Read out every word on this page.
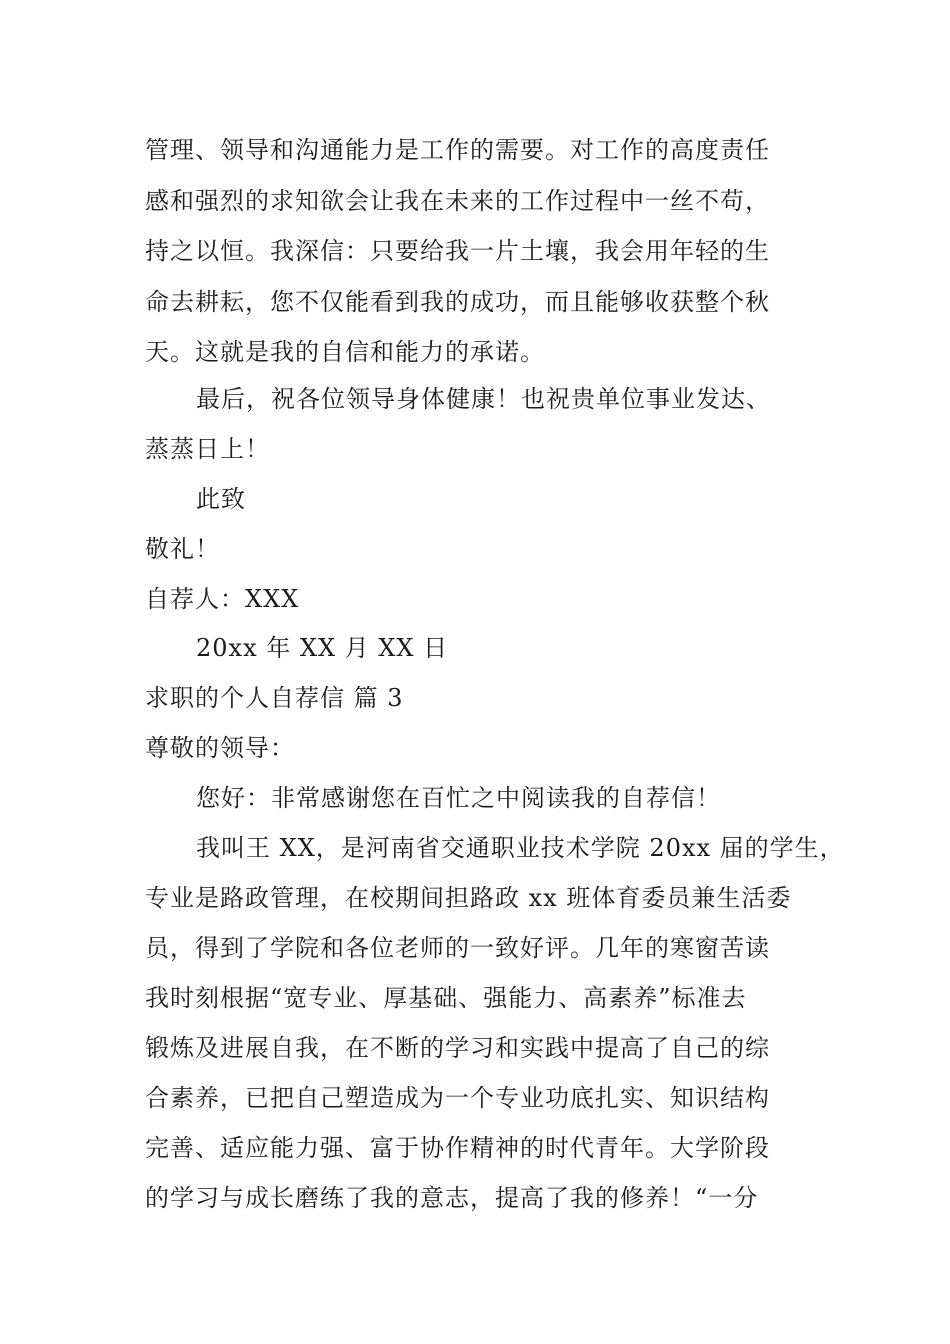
管理、领导和沟通能力是工作的需要。对工作的高度责任
感和强烈的求知欲会让我在未来的工作过程中一丝不苟，
持之以恒。我深信：只要给我一片土壤，我会用年轻的生
命去耕耘，您不仅能看到我的成功，而且能够收获整个秋
天。这就是我的自信和能力的承诺。
最后，祝各位领导身体健康！也祝贵单位事业发达、
蒸蒸日上！
此致
敬礼！
自荐人：XXX
20xx 年 XX 月 XX 日
求职的个人自荐信 篇 3
尊敬的领导：
您好：非常感谢您在百忙之中阅读我的自荐信！
我叫王 XX，是河南省交通职业技术学院 20xx 届的学生，
专业是路政管理，在校期间担路政 xx 班体育委员兼生活委
员，得到了学院和各位老师的一致好评。几年的寒窗苦读
我时刻根据“宽专业、厚基础、强能力、高素养”标准去
锻炼及进展自我，在不断的学习和实践中提高了自己的综
合素养，已把自己塑造成为一个专业功底扎实、知识结构
完善、适应能力强、富于协作精神的时代青年。大学阶段
的学习与成长磨练了我的意志，提高了我的修养！“一分
